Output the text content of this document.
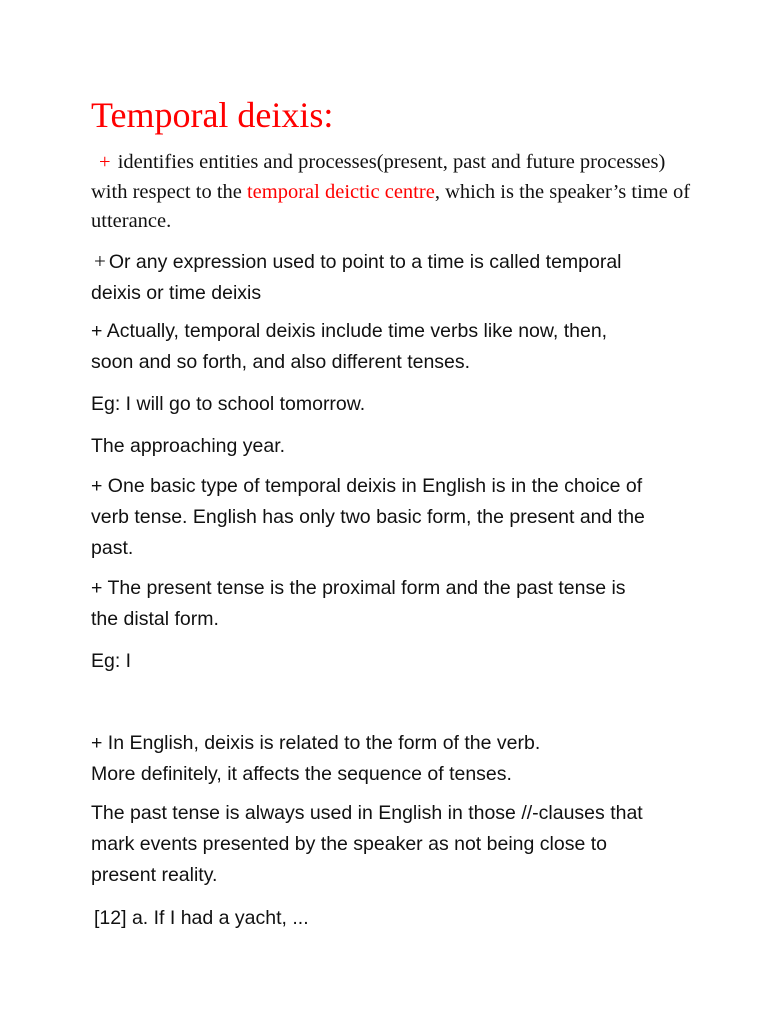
Temporal deixis:

+ identifies entities and processes(present, past and future processes) with respect to the temporal deictic centre, which is the speaker’s time of utterance.

+ Or any expression used to point to a time is called temporal
deixis or time deixis

+ Actually, temporal deixis include time verbs like now, then,
soon and so forth, and also different tenses.

Eg: I will go to school tomorrow.

The approaching year.

+ One basic type of temporal deixis in English is in the choice of
verb tense. English has only two basic form, the present and the
past.

+ The present tense is the proximal form and the past tense is
the distal form.

Eg: I

+ In English, deixis is related to the form of the verb.
More definitely, it affects the sequence of tenses.

The past tense is always used in English in those //-clauses that
mark events presented by the speaker as not being close to
present reality.

[12] a. If I had a yacht, ...
